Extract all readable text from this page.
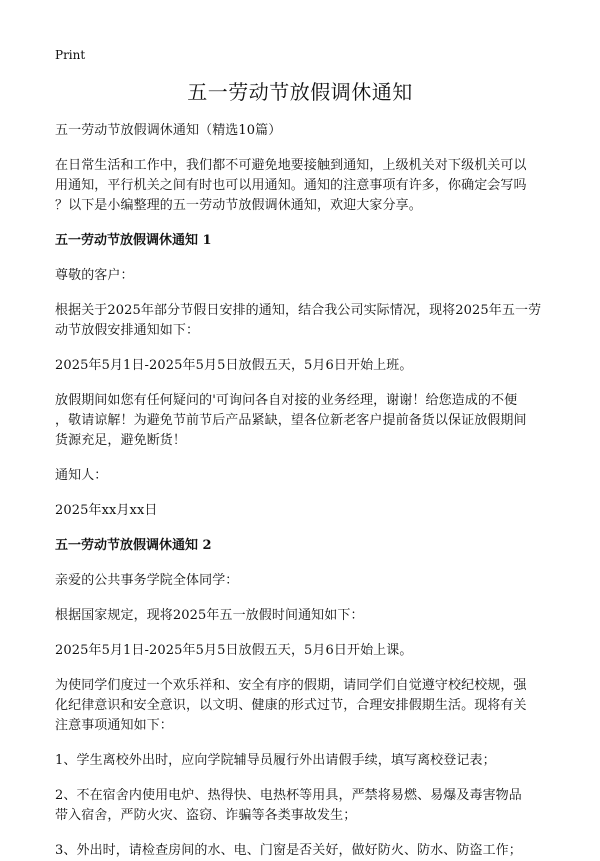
Print
五一劳动节放假调休通知

五一劳动节放假调休通知（精选10篇）

在日常生活和工作中，我们都不可避免地要接触到通知，上级机关对下级机关可以

用通知，平行机关之间有时也可以用通知。通知的注意事项有许多，你确定会写吗

？以下是小编整理的五一劳动节放假调休通知，欢迎大家分享。

五一劳动节放假调休通知 1

尊敬的客户：

根据关于2025年部分节假日安排的通知，结合我公司实际情况，现将2025年五一劳

动节放假安排通知如下：

2025年5月1日-2025年5月5日放假五天，5月6日开始上班。

放假期间如您有任何疑问的'可询问各自对接的业务经理，谢谢！给您造成的不便

，敬请谅解！为避免节前节后产品紧缺，望各位新老客户提前备货以保证放假期间

货源充足，避免断货！

通知人：

2025年xx月xx日

五一劳动节放假调休通知 2

亲爱的公共事务学院全体同学：

根据国家规定，现将2025年五一放假时间通知如下：

2025年5月1日-2025年5月5日放假五天，5月6日开始上课。

为使同学们度过一个欢乐祥和、安全有序的假期，请同学们自觉遵守校纪校规，强

化纪律意识和安全意识，以文明、健康的形式过节，合理安排假期生活。现将有关

注意事项通知如下：

1、学生离校外出时，应向学院辅导员履行外出请假手续，填写离校登记表；

2、不在宿舍内使用电炉、热得快、电热杯等用具，严禁将易燃、易爆及毒害物品

带入宿舍，严防火灾、盗窃、诈骗等各类事故发生；

3、外出时，请检查房间的水、电、门窗是否关好，做好防火、防水、防盗工作；
